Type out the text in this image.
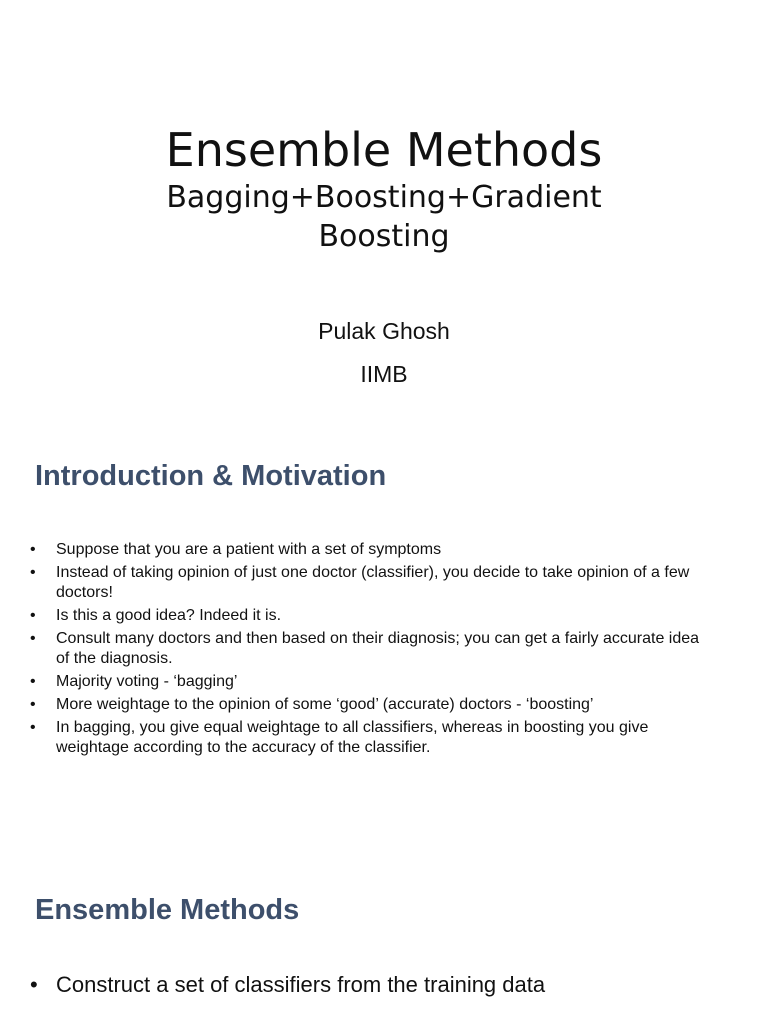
Ensemble Methods
Bagging+Boosting+Gradient Boosting
Pulak Ghosh
IIMB
Introduction & Motivation
•	Suppose that you are a patient with a set of symptoms
•	Instead of taking opinion of just one doctor (classifier), you decide to take opinion of a few doctors!
•	Is this a good idea? Indeed it is.
•	Consult many doctors and then based on their diagnosis; you can get a fairly accurate idea of the diagnosis.
•	Majority voting - ‘bagging’
•	More weightage to the opinion of some ‘good’ (accurate) doctors - ‘boosting’
•	In bagging, you give equal weightage to all classifiers, whereas in boosting you give weightage according to the accuracy of the classifier.
Ensemble Methods
• Construct a set of classifiers from the training data
